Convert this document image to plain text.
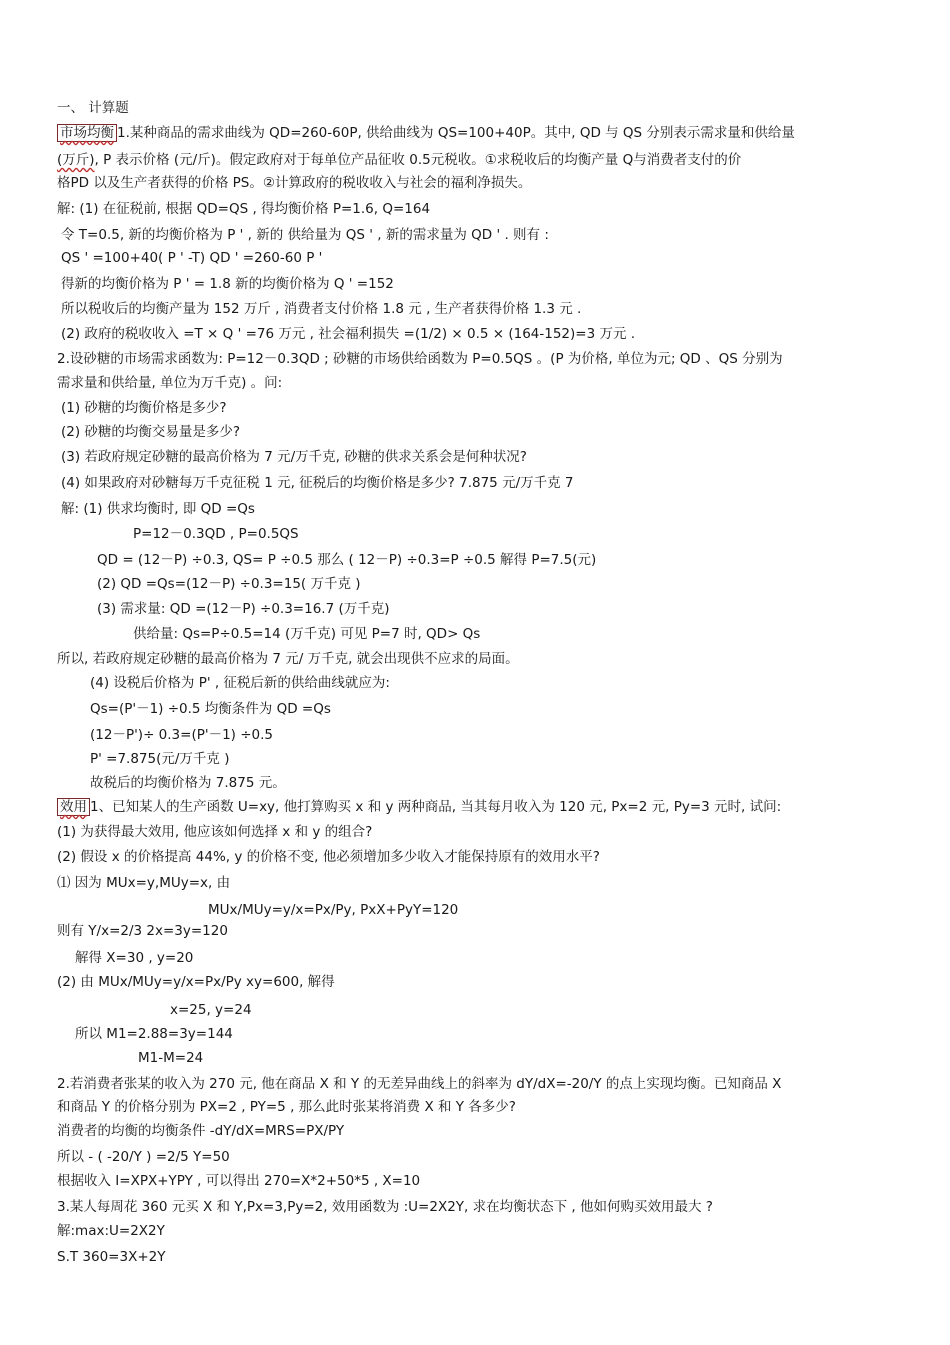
一、 计算题
市场均衡 1.某种商品的需求曲线为 QD=260-60P, 供给曲线为 QS=100+40P。其中, QD 与 QS 分别表示需求量和供给量
(万斤), P 表示价格 (元/斤)。假定政府对于每单位产品征收 0.5元税收。①求税收后的均衡产量 Q与消费者支付的价
格PD 以及生产者获得的价格 PS。②计算政府的税收收入与社会的福利净损失。
解: (1) 在征税前, 根据 QD=QS , 得均衡价格 P=1.6, Q=164
令 T=0.5, 新的均衡价格为 P ' , 新的 供给量为 QS ' , 新的需求量为 QD ' . 则有 :
QS ' =100+40( P ' -T) QD ' =260-60 P '
得新的均衡价格为 P ' = 1.8 新的均衡价格为 Q ' =152
所以税收后的均衡产量为 152 万斤 , 消费者支付价格 1.8 元 , 生产者获得价格 1.3 元 .
(2) 政府的税收收入 =T × Q ' =76 万元 , 社会福利损失 =(1/2) × 0.5 × (164-152)=3 万元 .
2.设砂糖的市场需求函数为: P=12－0.3QD ; 砂糖的市场供给函数为 P=0.5QS 。(P 为价格, 单位为元; QD 、QS 分别为
需求量和供给量, 单位为万千克) 。问:
(1) 砂糖的均衡价格是多少?
(2) 砂糖的均衡交易量是多少?
(3) 若政府规定砂糖的最高价格为 7 元/万千克, 砂糖的供求关系会是何种状况?
(4) 如果政府对砂糖每万千克征税 1 元, 征税后的均衡价格是多少? 7.875 元/万千克 7
解: (1) 供求均衡时, 即 QD =Qs
P=12－0.3QD , P=0.5QS
QD = (12－P) ÷0.3, QS= P ÷0.5 那么 ( 12－P) ÷0.3=P ÷0.5 解得 P=7.5(元)
(2) QD =Qs=(12－P) ÷0.3=15( 万千克 )
(3) 需求量: QD =(12－P) ÷0.3=16.7 (万千克)
供给量: Qs=P÷0.5=14 (万千克) 可见 P=7 时, QD> Qs
所以, 若政府规定砂糖的最高价格为 7 元/ 万千克, 就会出现供不应求的局面。
(4) 设税后价格为 P' , 征税后新的供给曲线就应为:
Qs=(P'－1) ÷0.5 均衡条件为 QD =Qs
(12－P')÷ 0.3=(P'－1) ÷0.5
P' =7.875(元/万千克 )
故税后的均衡价格为 7.875 元。
效用 1、已知某人的生产函数 U=xy, 他打算购买 x 和 y 两种商品, 当其每月收入为 120 元, Px=2 元, Py=3 元时, 试问:
(1) 为获得最大效用, 他应该如何选择 x 和 y 的组合?
(2) 假设 x 的价格提高 44%, y 的价格不变, 他必须增加多少收入才能保持原有的效用水平?
⑴ 因为 MUx=y,MUy=x, 由
MUx/MUy=y/x=Px/Py, PxX+PyY=120
则有 Y/x=2/3 2x=3y=120
解得 X=30 , y=20
(2) 由 MUx/MUy=y/x=Px/Py xy=600, 解得
x=25, y=24
所以 M1=2.88=3y=144
M1-M=24
2.若消费者张某的收入为 270 元, 他在商品 X 和 Y 的无差异曲线上的斜率为 dY/dX=-20/Y 的点上实现均衡。已知商品 X
和商品 Y 的价格分别为 PX=2 , PY=5 , 那么此时张某将消费 X 和 Y 各多少?
消费者的均衡的均衡条件 -dY/dX=MRS=PX/PY
所以 - ( -20/Y ) =2/5 Y=50
根据收入 I=XPX+YPY , 可以得出 270=X*2+50*5 , X=10
3.某人每周花 360 元买 X 和 Y,Px=3,Py=2, 效用函数为 :U=2X2Y, 求在均衡状态下 , 他如何购买效用最大 ?
解:max:U=2X2Y
S.T 360=3X+2Y
